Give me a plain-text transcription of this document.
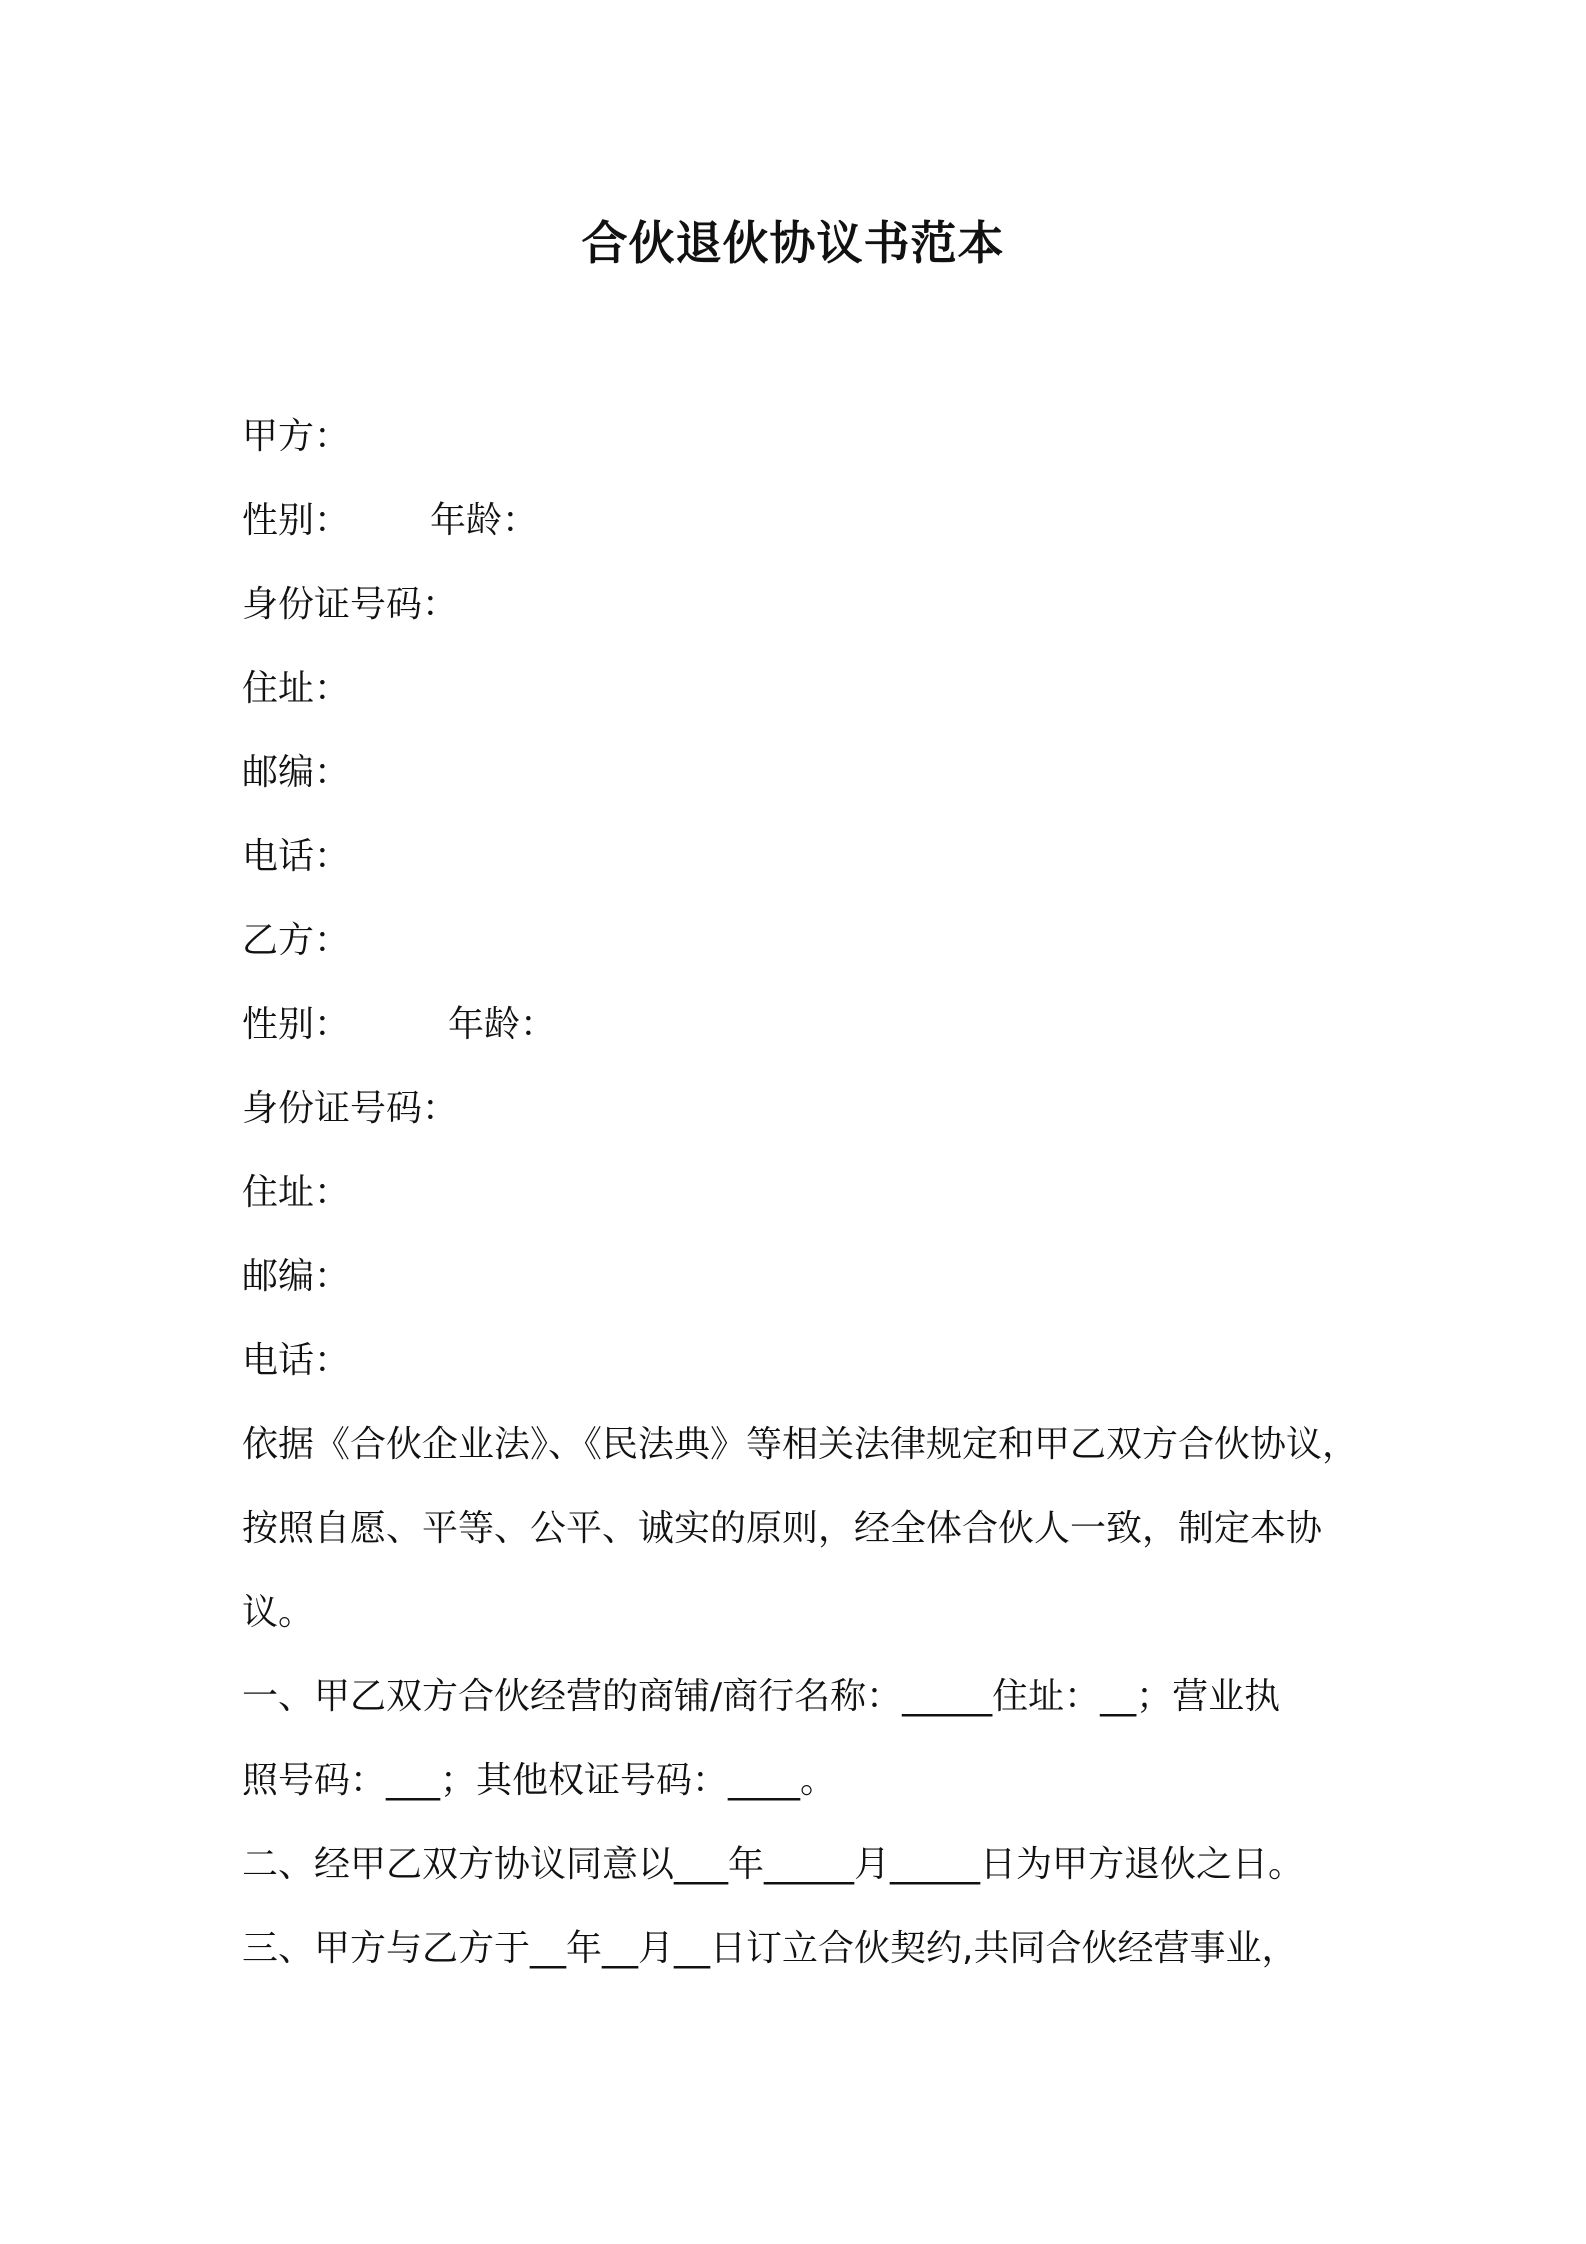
合伙退伙协议书范本
甲方：
性别： 年龄：
身份证号码：
住址：
邮编：
电话：
乙方：
性别：	年龄：
身份证号码：
住址：
邮编：
电话：
依据《合伙企业法》、《民法典》等相关法律规定和甲乙双方合伙协议，
按照自愿、平等、公平、诚实的原则，经全体合伙人一致，制定本协
议。
一、甲乙双方合伙经营的商铺/商行名称：_____住址：__；营业执
照号码：___；其他权证号码：____。
二、经甲乙双方协议同意以___年_____月_____日为甲方退伙之日。
三、甲方与乙方于__年__月__日订立合伙契约,共同合伙经营事业，
